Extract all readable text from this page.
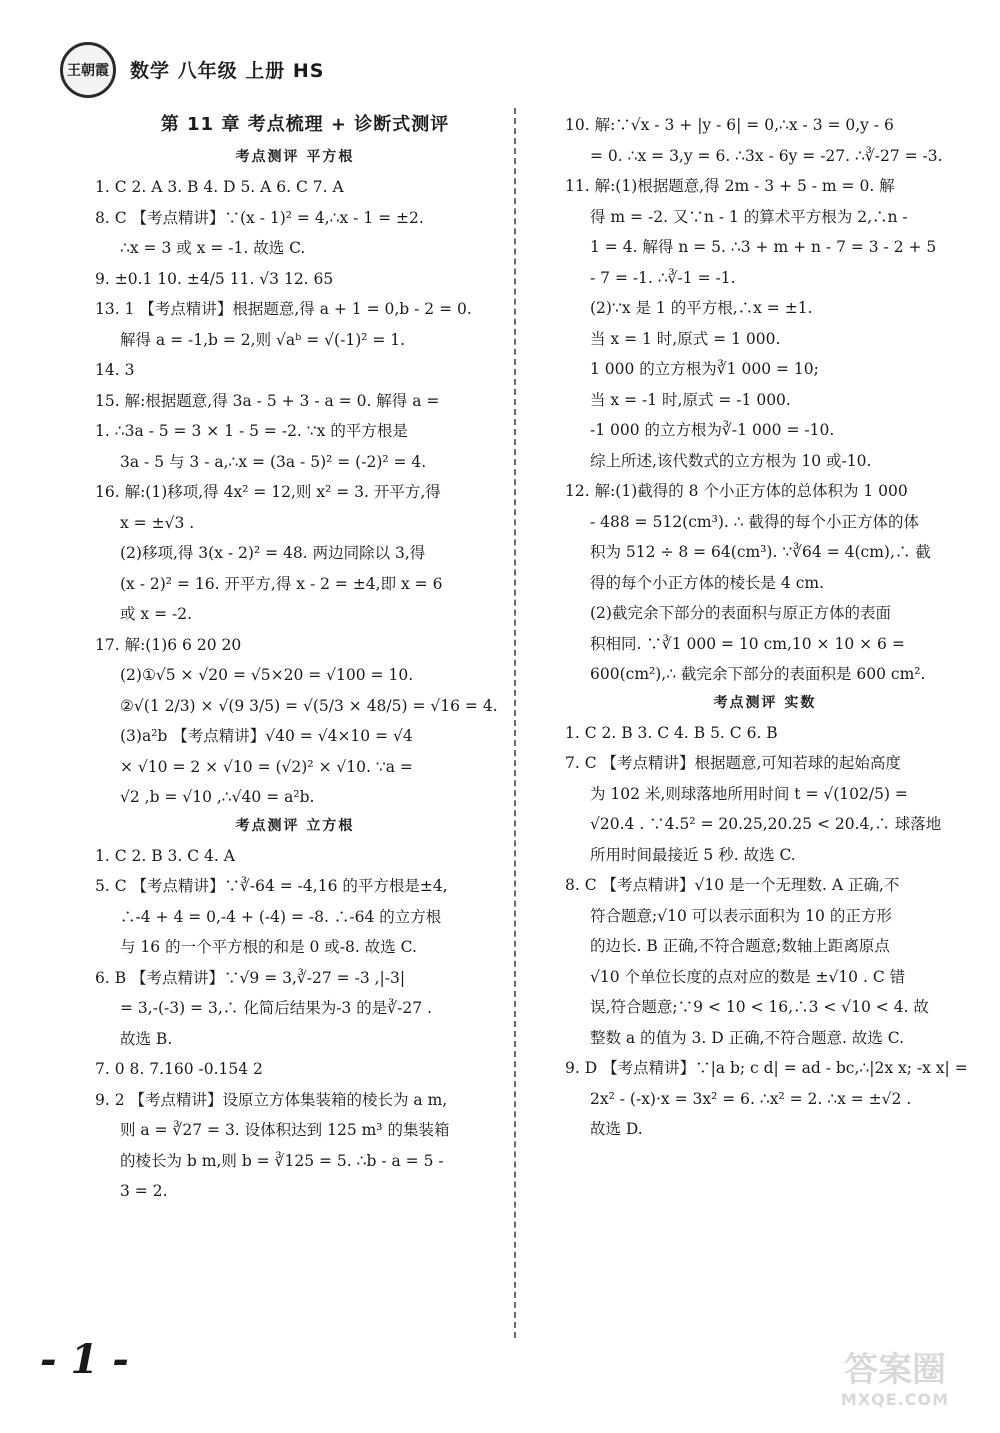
王朝霞 数学 八年级 上册 HS
第 11 章 考点梳理 + 诊断式测评
考点测评 平方根
1. C 2. A 3. B 4. D 5. A 6. C 7. A
8. C 【考点精讲】∵(x - 1)² = 4,∴x - 1 = ±2.
∴x = 3 或 x = -1. 故选 C.
9. ±0.1 10. ±4/5 11. √3 12. 65
13. 1 【考点精讲】根据题意,得 a + 1 = 0,b - 2 = 0.
解得 a = -1,b = 2,则 √aᵇ = √(-1)² = 1.
14. 3
15. 解:根据题意,得 3a - 5 + 3 - a = 0. 解得 a =
1. ∴3a - 5 = 3 × 1 - 5 = -2. ∵x 的平方根是
3a - 5 与 3 - a,∴x = (3a - 5)² = (-2)² = 4.
16. 解:(1)移项,得 4x² = 12,则 x² = 3. 开平方,得
x = ±√3 .
(2)移项,得 3(x - 2)² = 48. 两边同除以 3,得
(x - 2)² = 16. 开平方,得 x - 2 = ±4,即 x = 6
或 x = -2.
17. 解:(1)6 6 20 20
(2)①√5 × √20 = √5×20 = √100 = 10.
②√(1 2/3) × √(9 3/5) = √(5/3 × 48/5) = √16 = 4.
(3)a²b 【考点精讲】√40 = √4×10 = √4
× √10 = 2 × √10 = (√2)² × √10. ∵a =
√2 ,b = √10 ,∴√40 = a²b.
考点测评 立方根
1. C 2. B 3. C 4. A
5. C 【考点精讲】∵∛-64 = -4,16 的平方根是±4,
∴-4 + 4 = 0,-4 + (-4) = -8. ∴-64 的立方根
与 16 的一个平方根的和是 0 或-8. 故选 C.
6. B 【考点精讲】∵√9 = 3,∛-27 = -3 ,|-3|
= 3,-(-3) = 3,∴ 化简后结果为-3 的是∛-27 .
故选 B.
7. 0 8. 7.160 -0.154 2
9. 2 【考点精讲】设原立方体集装箱的棱长为 a m,
则 a = ∛27 = 3. 设体积达到 125 m³ 的集装箱
的棱长为 b m,则 b = ∛125 = 5. ∴b - a = 5 -
3 = 2.
10. 解:∵√x - 3 + |y - 6| = 0,∴x - 3 = 0,y - 6
= 0. ∴x = 3,y = 6. ∴3x - 6y = -27. ∴∛-27 = -3.
11. 解:(1)根据题意,得 2m - 3 + 5 - m = 0. 解
得 m = -2. 又∵n - 1 的算术平方根为 2,∴n -
1 = 4. 解得 n = 5. ∴3 + m + n - 7 = 3 - 2 + 5
- 7 = -1. ∴∛-1 = -1.
(2)∵x 是 1 的平方根,∴x = ±1.
当 x = 1 时,原式 = 1 000.
1 000 的立方根为∛1 000 = 10;
当 x = -1 时,原式 = -1 000.
-1 000 的立方根为∛-1 000 = -10.
综上所述,该代数式的立方根为 10 或-10.
12. 解:(1)截得的 8 个小正方体的总体积为 1 000
- 488 = 512(cm³). ∴ 截得的每个小正方体的体
积为 512 ÷ 8 = 64(cm³). ∵∛64 = 4(cm),∴ 截
得的每个小正方体的棱长是 4 cm.
(2)截完余下部分的表面积与原正方体的表面
积相同. ∵∛1 000 = 10 cm,10 × 10 × 6 =
600(cm²),∴ 截完余下部分的表面积是 600 cm².
考点测评 实数
1. C 2. B 3. C 4. B 5. C 6. B
7. C 【考点精讲】根据题意,可知若球的起始高度
为 102 米,则球落地所用时间 t = √(102/5) =
√20.4 . ∵4.5² = 20.25,20.25 < 20.4,∴ 球落地
所用时间最接近 5 秒. 故选 C.
8. C 【考点精讲】√10 是一个无理数. A 正确,不
符合题意;√10 可以表示面积为 10 的正方形
的边长. B 正确,不符合题意;数轴上距离原点
√10 个单位长度的点对应的数是 ±√10 . C 错
误,符合题意;∵9 < 10 < 16,∴3 < √10 < 4. 故
整数 a 的值为 3. D 正确,不符合题意. 故选 C.
9. D 【考点精讲】∵|a b; c d| = ad - bc,∴|2x x; -x x| =
2x² - (-x)·x = 3x² = 6. ∴x² = 2. ∴x = ±√2 .
故选 D.
- 1 -	答案圈
MXQE.COM
